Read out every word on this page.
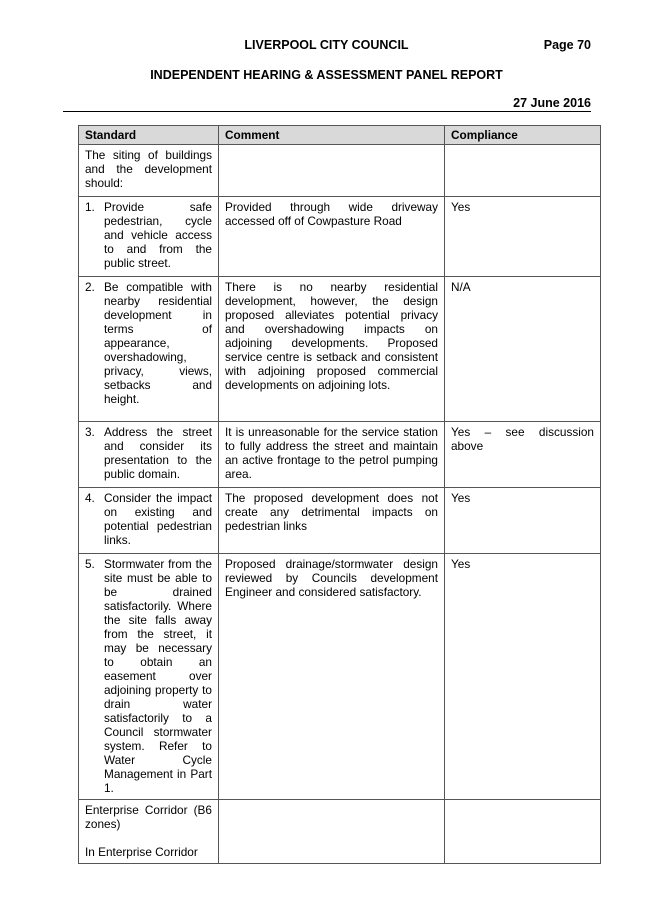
LIVERPOOL CITY COUNCIL	Page 70
INDEPENDENT HEARING & ASSESSMENT PANEL REPORT
27 June 2016
Standard	Comment	Compliance
The siting of buildings and the development should:		

1. Provide safe pedestrian, cycle and vehicle access to and from the public street.	Provided through wide driveway accessed off of Cowpasture Road	Yes

2. Be compatible with nearby residential development in terms of appearance, overshadowing, privacy, views, setbacks and height.	There is no nearby residential development, however, the design proposed alleviates potential privacy and overshadowing impacts on adjoining developments. Proposed service centre is setback and consistent with adjoining proposed commercial developments on adjoining lots.	N/A

3. Address the street and consider its presentation to the public domain.	It is unreasonable for the service station to fully address the street and maintain an active frontage to the petrol pumping area.	Yes – see discussion above

4. Consider the impact on existing and potential pedestrian links.	The proposed development does not create any detrimental impacts on pedestrian links	Yes

5. Stormwater from the site must be able to be drained satisfactorily. Where the site falls away from the street, it may be necessary to obtain an easement over adjoining property to drain water satisfactorily to a Council stormwater system. Refer to Water Cycle Management in Part 1.	Proposed drainage/stormwater design reviewed by Councils development Engineer and considered satisfactory.	Yes

Enterprise Corridor (B6 zones)
In Enterprise Corridor		
